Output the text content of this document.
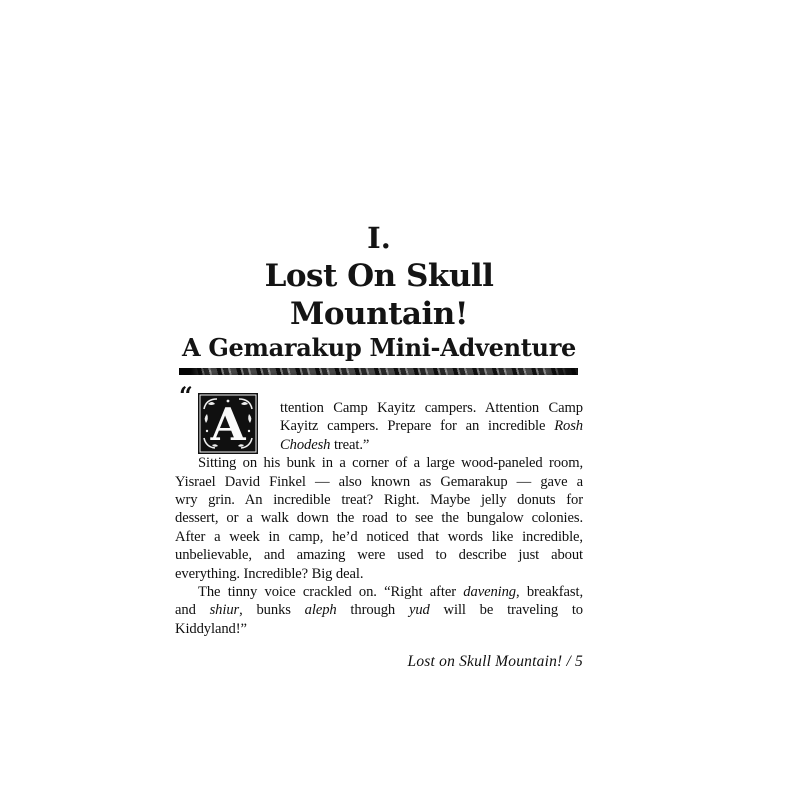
I.
Lost On Skull Mountain!
A Gemarakup Mini-Adventure
“
A ttention Camp Kayitz campers. Attention Camp
Kayitz campers. Prepare for an incredible Rosh
Chodesh treat.”
Sitting on his bunk in a corner of a large wood-paneled room,
Yisrael David Finkel — also known as Gemarakup — gave a
wry grin. An incredible treat? Right. Maybe jelly donuts for
dessert, or a walk down the road to see the bungalow colonies.
After a week in camp, he’d noticed that words like incredible,
unbelievable, and amazing were used to describe just about
everything. Incredible? Big deal.
The tinny voice crackled on. “Right after davening, breakfast,
and shiur, bunks aleph through yud will be traveling to
Kiddyland!”
Lost on Skull Mountain! / 5
